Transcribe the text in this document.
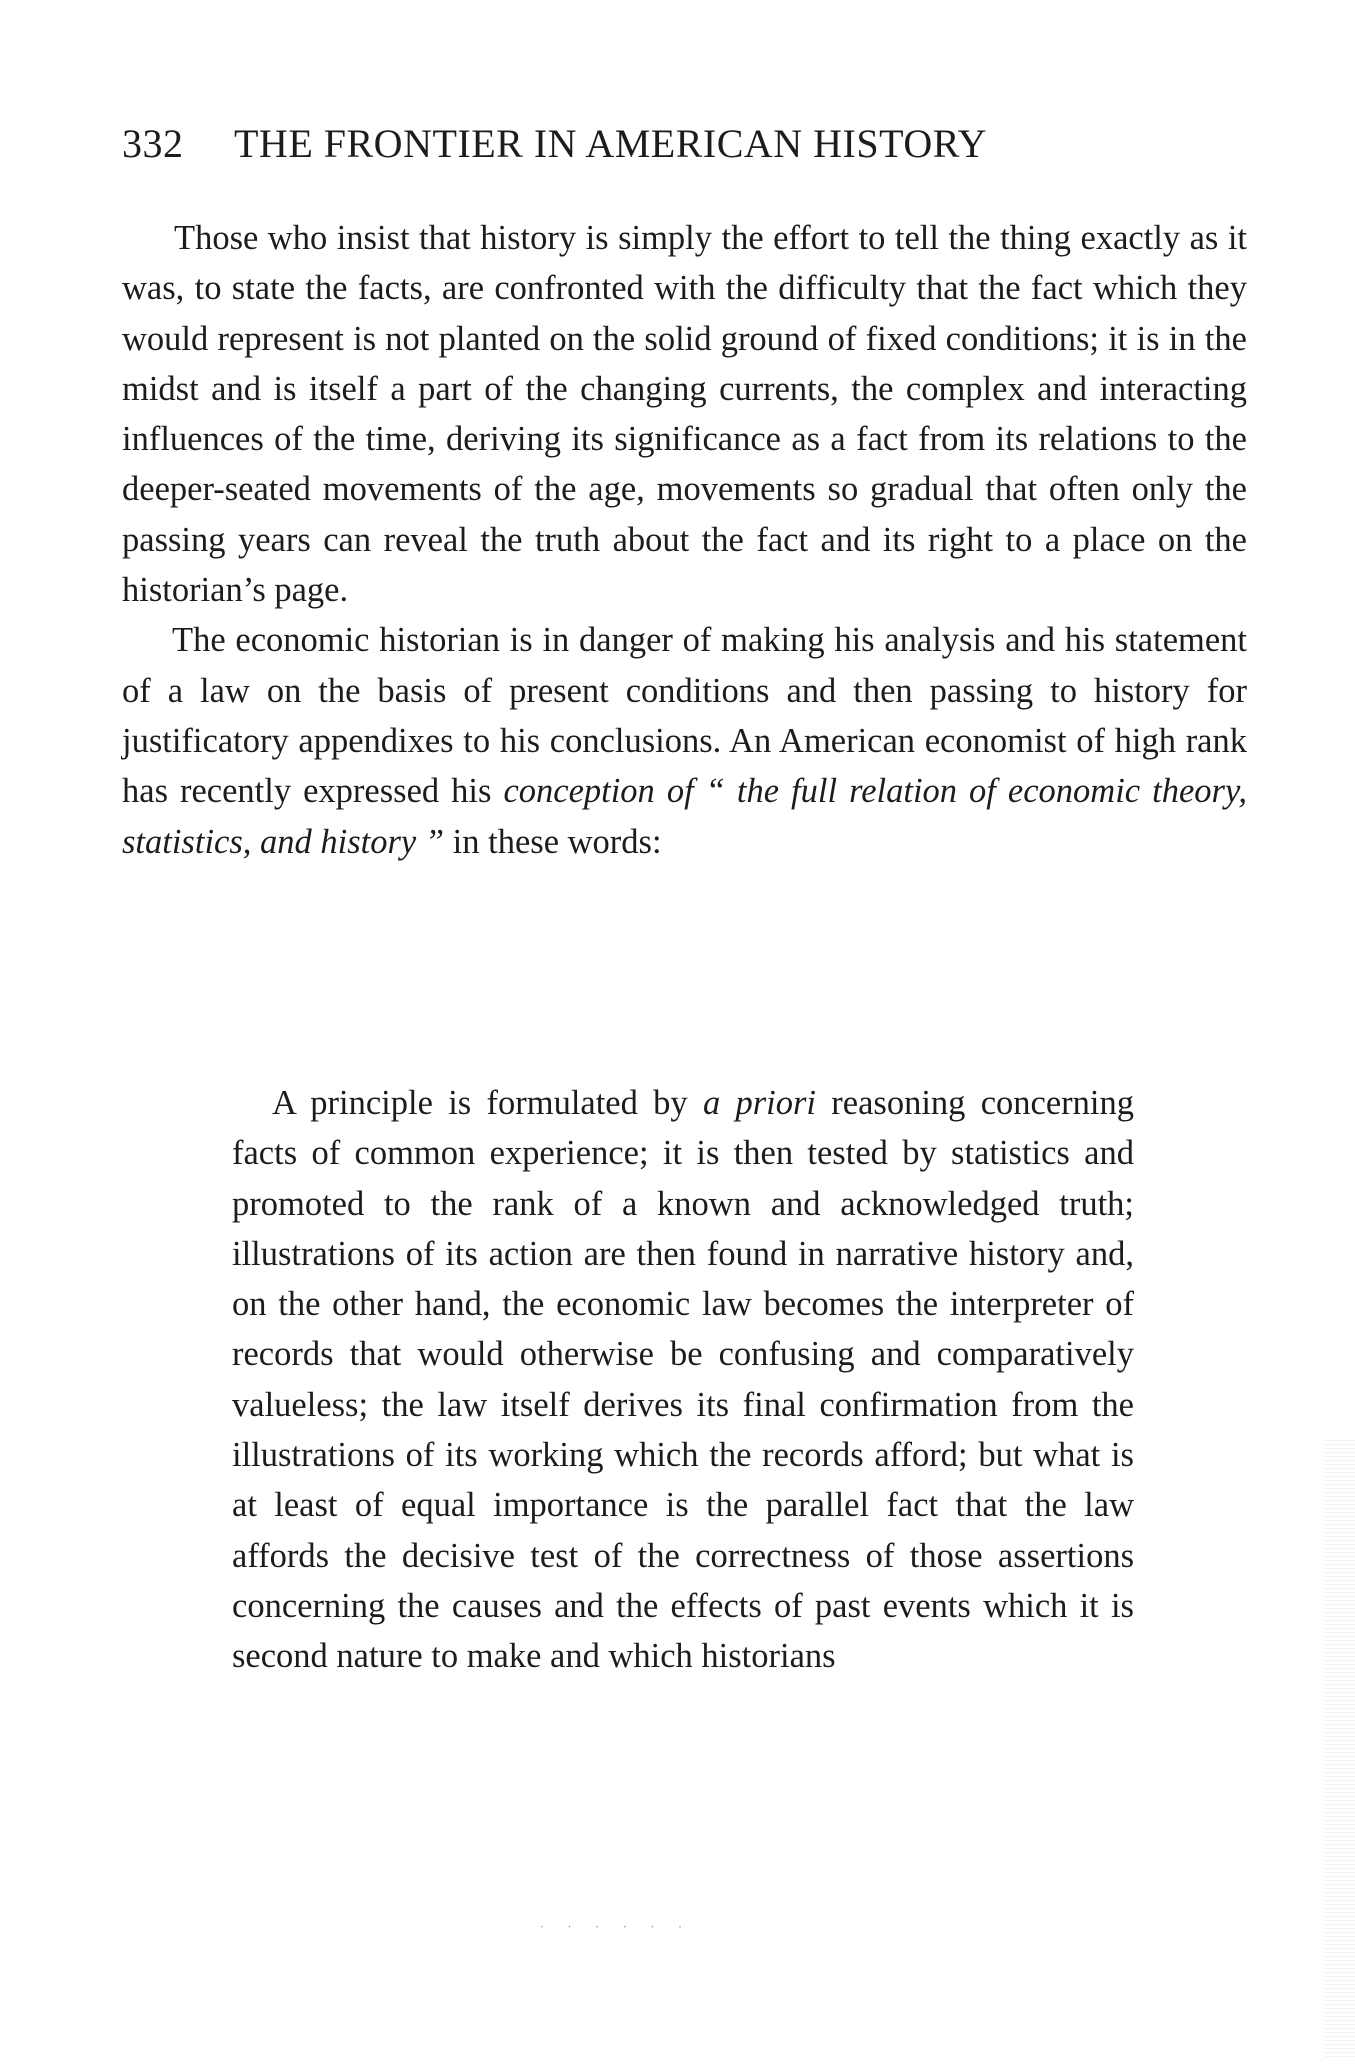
332 THE FRONTIER IN AMERICAN HISTORY

Those who insist that history is simply the effort to tell the thing exactly as it was, to state the facts, are confronted with the difficulty that the fact which they would represent is not planted on the solid ground of fixed conditions; it is in the midst and is itself a part of the changing currents, the complex and interacting influences of the time, deriving its significance as a fact from its relations to the deeper-seated movements of the age, movements so gradual that often only the passing years can reveal the truth about the fact and its right to a place on the historian’s page.

The economic historian is in danger of making his analysis and his statement of a law on the basis of present conditions and then passing to history for justificatory appendixes to his conclusions. An American economist of high rank has recently expressed his conception of “ the full relation of economic theory, statistics, and history ” in these words:

A principle is formulated by a priori reasoning concerning facts of common experience; it is then tested by statistics and promoted to the rank of a known and acknowledged truth; illustrations of its action are then found in narrative history and, on the other hand, the economic law becomes the interpreter of records that would otherwise be confusing and comparatively valueless; the law itself derives its final confirmation from the illustrations of its working which the records afford; but what is at least of equal importance is the parallel fact that the law affords the decisive test of the correctness of those assertions concerning the causes and the effects of past events which it is second nature to make and which historians

· · · · · ·
